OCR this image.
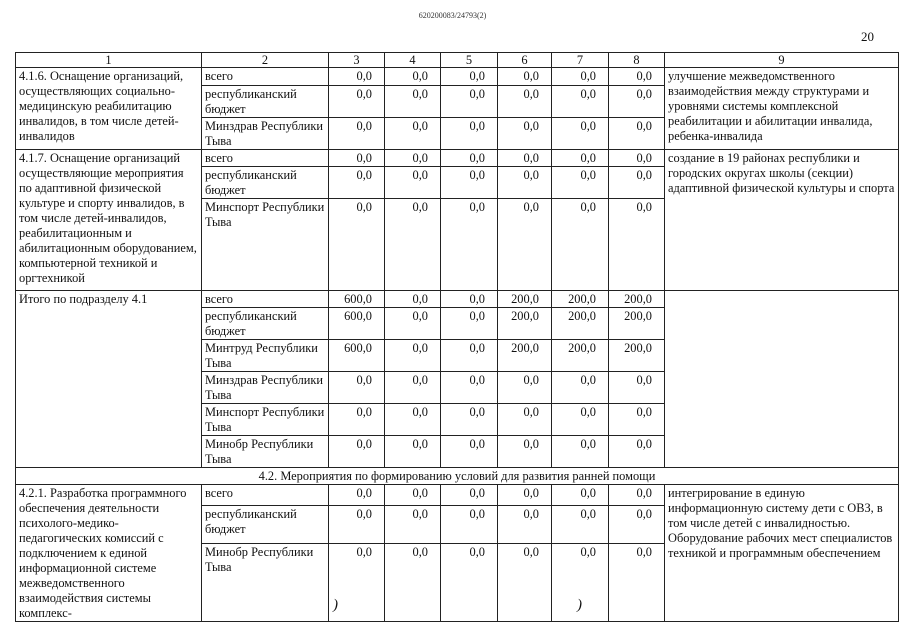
620200083/24793(2)
20
1	2	3	4	5	6	7	8	9
4.1.6. Оснащение организаций, осуществляющих социально-медицинскую реабилитацию инвалидов, в том числе детей-инвалидов	всего	0,0	0,0	0,0	0,0	0,0	0,0	улучшение межведомственного взаимодействия между структурами и уровнями системы комплексной реабилитации и абилитации инвалида, ребенка-инвалида
	республиканский бюджет	0,0	0,0	0,0	0,0	0,0	0,0	
	Минздрав Республики Тыва	0,0	0,0	0,0	0,0	0,0	0,0	
4.1.7. Оснащение организаций осуществляющие мероприятия по адаптивной физической культуре и спорту инвалидов, в том числе детей-инвалидов, реабилитационным и абилитационным оборудованием, компьютерной техникой и оргтехникой	всего	0,0	0,0	0,0	0,0	0,0	0,0	создание в 19 районах республики и городских округах школы (секции) адаптивной физической культуры и спорта
	республиканский бюджет	0,0	0,0	0,0	0,0	0,0	0,0	
	Минспорт Республики Тыва	0,0	0,0	0,0	0,0	0,0	0,0	
Итого по подразделу 4.1	всего	600,0	0,0	0,0	200,0	200,0	200,0	
	республиканский бюджет	600,0	0,0	0,0	200,0	200,0	200,0	
	Минтруд Республики Тыва	600,0	0,0	0,0	200,0	200,0	200,0	
	Минздрав Республики Тыва	0,0	0,0	0,0	0,0	0,0	0,0	
	Минспорт Республики Тыва	0,0	0,0	0,0	0,0	0,0	0,0	
	Минобр Республики Тыва	0,0	0,0	0,0	0,0	0,0	0,0	
4.2. Мероприятия по формированию условий для развития ранней помощи								
4.2.1. Разработка программного обеспечения деятельности психолого-медико-педагогических комиссий с подключением к единой информационной системе межведомственного взаимодействия системы комплекс-	всего	0,0	0,0	0,0	0,0	0,0	0,0	интегрирование в единую информационную систему дети с ОВЗ, в том числе детей с инвалидностью. Оборудование рабочих мест специалистов техникой и программным обеспечением
	республиканский бюджет	0,0	0,0	0,0	0,0	0,0	0,0	
	Минобр Республики Тыва	0,0	0,0	0,0	0,0	0,0	0,0	
)	)
